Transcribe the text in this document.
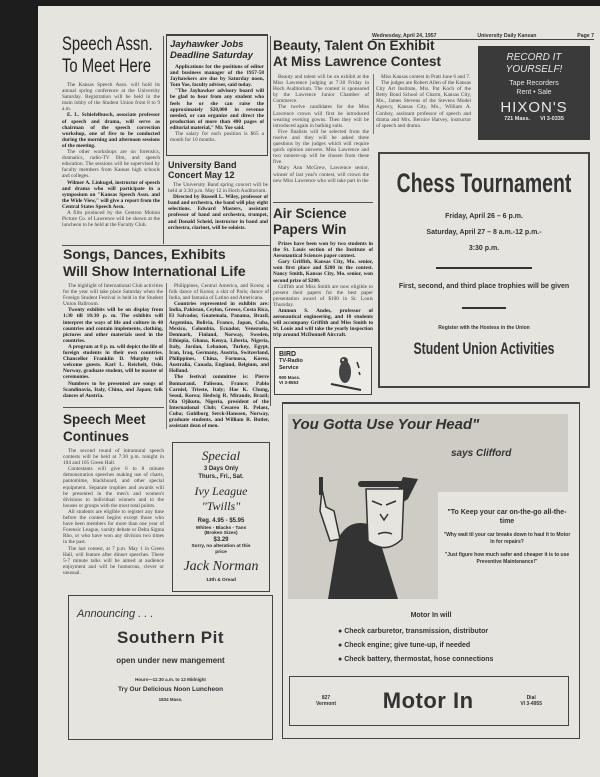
Wednesday, April 24, 1957	University Daily Kansan	Page 7
Speech Assn.
To Meet Here

The Kansas Speech Assn. will hold its annual spring conference at the University Saturday. Registration will be held in the main lobby of the Student Union from 8 to 9 a.m.

E. L. Schiefelbusch, associate professor of speech and drama, will serve as chairman of the speech correction workshop, one of five to be conducted during the morning and afternoon sessions of the meeting.

The other workshops are on forensics, dramatics, radio-TV film, and speech education. The sessions will be supervised by faculty members from Kansas high schools and colleges.

Wilmer A. Linkugel, instructor of speech and drama who will participate in a symposium on "Kansas Speech Assn. and the Wide View," will give a report from the Central States Speech Assn.

A film produced by the Centron Motion Picture Co. of Lawrence will be shown at the luncheon to be held at the Faculty Club.

Jayhawker Jobs
Deadline Saturday

Applications for the positions of editor and business manager of the 1957-58 Jayhawkers are due by Saturday noon, Tom Yoe, faculty adviser, said today.

"The Jayhawker advisory board will be glad to hear from any student who feels he or she can raise the approximately $20,000 in revenue needed, or can organize and direct the production of more than 400 pages of editorial material," Mr. Yoe said.

The salary for each position is $65 a month for 10 months.

University Band
Concert May 12

The University Band spring concert will be held at 3:30 p.m. May 12 in Hoch Auditorium.

Directed by Russell L. Wiley, professor of band and orchestra, the band will play eight selections. Edward Masters, assistant professor of band and orchestra, trumpet, and Donald Scheid, instructor in band and orchestra, clarinet, will be soloists.

Beauty, Talent On Exhibit
At Miss Lawrence Contest

Beauty and talent will be on exhibit at the Miss Lawrence judging at 7:30 Friday in Hoch Auditorium. The contest is sponsored by the Lawrence Junior Chamber of Commerce.

The twelve candidates for the Miss Lawrence crown will first be introduced wearing evening gowns. Then they will be introduced again in bathing suits.

Five finalists will be selected from the twelve and they will be asked three questions by the judges which will require quick opinion answers. Miss Lawrence and two runners-up will be chosen from these five.

Mary Ann McGrew, Lawrence senior, winner of last year's contest, will crown the new Miss Lawrence who will take part in the

Miss Kansas contest in Pratt June 6 and 7.

The judges are Robert Allen of the Kansas City Art Institute, Mrs. Pat Koch of the Betty Bond School of Charm, Kansas City, Mo., James Stevens of the Stevens Model Agency, Kansas City, Mo., William A. Conboy, assistant professor of speech and drama and Mrs. Bernice Harvey, instructor of speech and drama.

RECORD IT
YOURSELF!
Tape Recorders
Rent • Sale
HIXON'S
721 Mass. VI 3-0335
Chess Tournament
Friday, April 26 – 6 p.m.
Saturday, April 27 – 8 a.m.-12 p.m.-
3:30 p.m.
First, second, and third place trophies will be given
Register with the Hostess in the Union
Student Union Activities
Air Science
Papers Win

Prizes have been won by two students in the St. Louis section of the Institute of Aeronautical Sciences paper contest.

Gary Griffith, Kansas City, Mo. senior, won first place and $200 in the contest. Nancy Smith, Kansas City, Mo. senior, won second prize of $200.

Griffith and Miss Smith are now eligible to present their papers for the best paper presentation award of $100 in St. Louis Thursday.

Ammon S. Andes, professor of aeronautical engineering, and 10 students will accompany Griffith and Miss Smith to St. Louis and will take the yearly inspection trip around McDonnell Aircraft.

BIRD
TV-Radio Service
900 Mass.
VI 3-8553
Songs, Dances, Exhibits
Will Show International Life

The highlight of International Club activities for the year will take place Saturday when the Foreign Student Festival is held in the Student Union Ballroom.

Twenty exhibits will be on display from 1:30 till 10:30 p. m. The exhibits will interpret the ways of life and culture in 40 countries and contain implements, clothing, pictures and other materials used in the countries.

A program at 8 p. m. will depict the life of foreign students in their own countries. Chancellor Franklin D. Murphy will welcome guests. Karl L. Reichelt, Oslo, Norway, graduate student, will be master of ceremonies.

Numbers to be presented are songs of Scandinavia, Italy, China, and Japan; folk dances of Austria,

Philippines, Central America, and Korea; a folk dance of Korea; a skit of Paris; dance of India, and fantasia of Latino and Americana.

Countries represented in exhibits are: India, Pakistan, Ceylon, Greece, Costa Rica, El Salvador, Guatemala, Panama, Brazil, Argentina, Bolivia, France, Japan, Cuba, Mexico, Colombia, Ecuador, Venezuela, Denmark, Finland, Norway, Sweden, Ethiopia, Ghana, Kenya, Liberia, Nigeria, Italy, Jordan, Lebanon, Turkey, Egypt, Iran, Iraq, Germany, Austria, Switzerland, Philippines, China, Formosa, Korea, Australia, Canada, England, Belgium, and Holland.

The festival committee is: Pierre Bonnaraud, Paliseau, France; Pablo Carniel, Trieste, Italy; Hae K. Chung, Seoul, Korea; Hedwig R. Mirande, Brazil; Ola Ojikutu, Nigeria, president of the International Club; Cesareo R. Pelaez, Cuba; Guldborg Serck-Hanssen, Norway, graduate students, and William R. Butler, assistant dean of men.

Speech Meet
Continues

The second round of intramural speech contests will be held at 7:30 p.m. tonight in 104 and 105 Green Hall.

Contestants will give 6 to 8 minute demonstration speeches making use of charts, pantomime, blackboard, and other special equipment. Separate trophies and awards will be presented in the men's and women's divisions to individual winners and to the houses or groups with the most total points.

All students are eligible to register any time before the contest begins except those who have been members for more than one year of Forensic League, varsity debate or Delta Sigma Rho, or who have won any division two times in the past.

The last contest, at 7 p.m. May 1 in Green Hall, will feature after dinner speeches. These 5-7 minute talks will be aimed at audience enjoyment and will be humorous, clever or unusual.

Special
3 Days Only
Thurs., Fri., Sat.
Ivy League
"Twills"
Reg. 4.95 - $5.95
Whites - Blacks - Tans
(Broken Sizes)
$3.29
Sorry, no alteration at this price
Jack Norman
13th & Oread
You Gotta Use Your Head"
says Clifford
"To Keep your car on-the-go all-the-time
"Why wait til your car breaks down to haul it to Motor In for repairs?
"Just figure how much safer and cheaper it is to use Preventive Maintenance!"
Motor In will
● Check carburetor, transmission, distributor
● Check engine; give tune-up, if needed
● Check battery, thermostat, hose connections
827
Vermont Motor In	Dial
VI 3-4955
Announcing . . .
Southern Pit
open under new mangement
Hours—11:30 a.m. to 12 Midnight
Try Our Delicious Noon Luncheon
1834 Mass.
